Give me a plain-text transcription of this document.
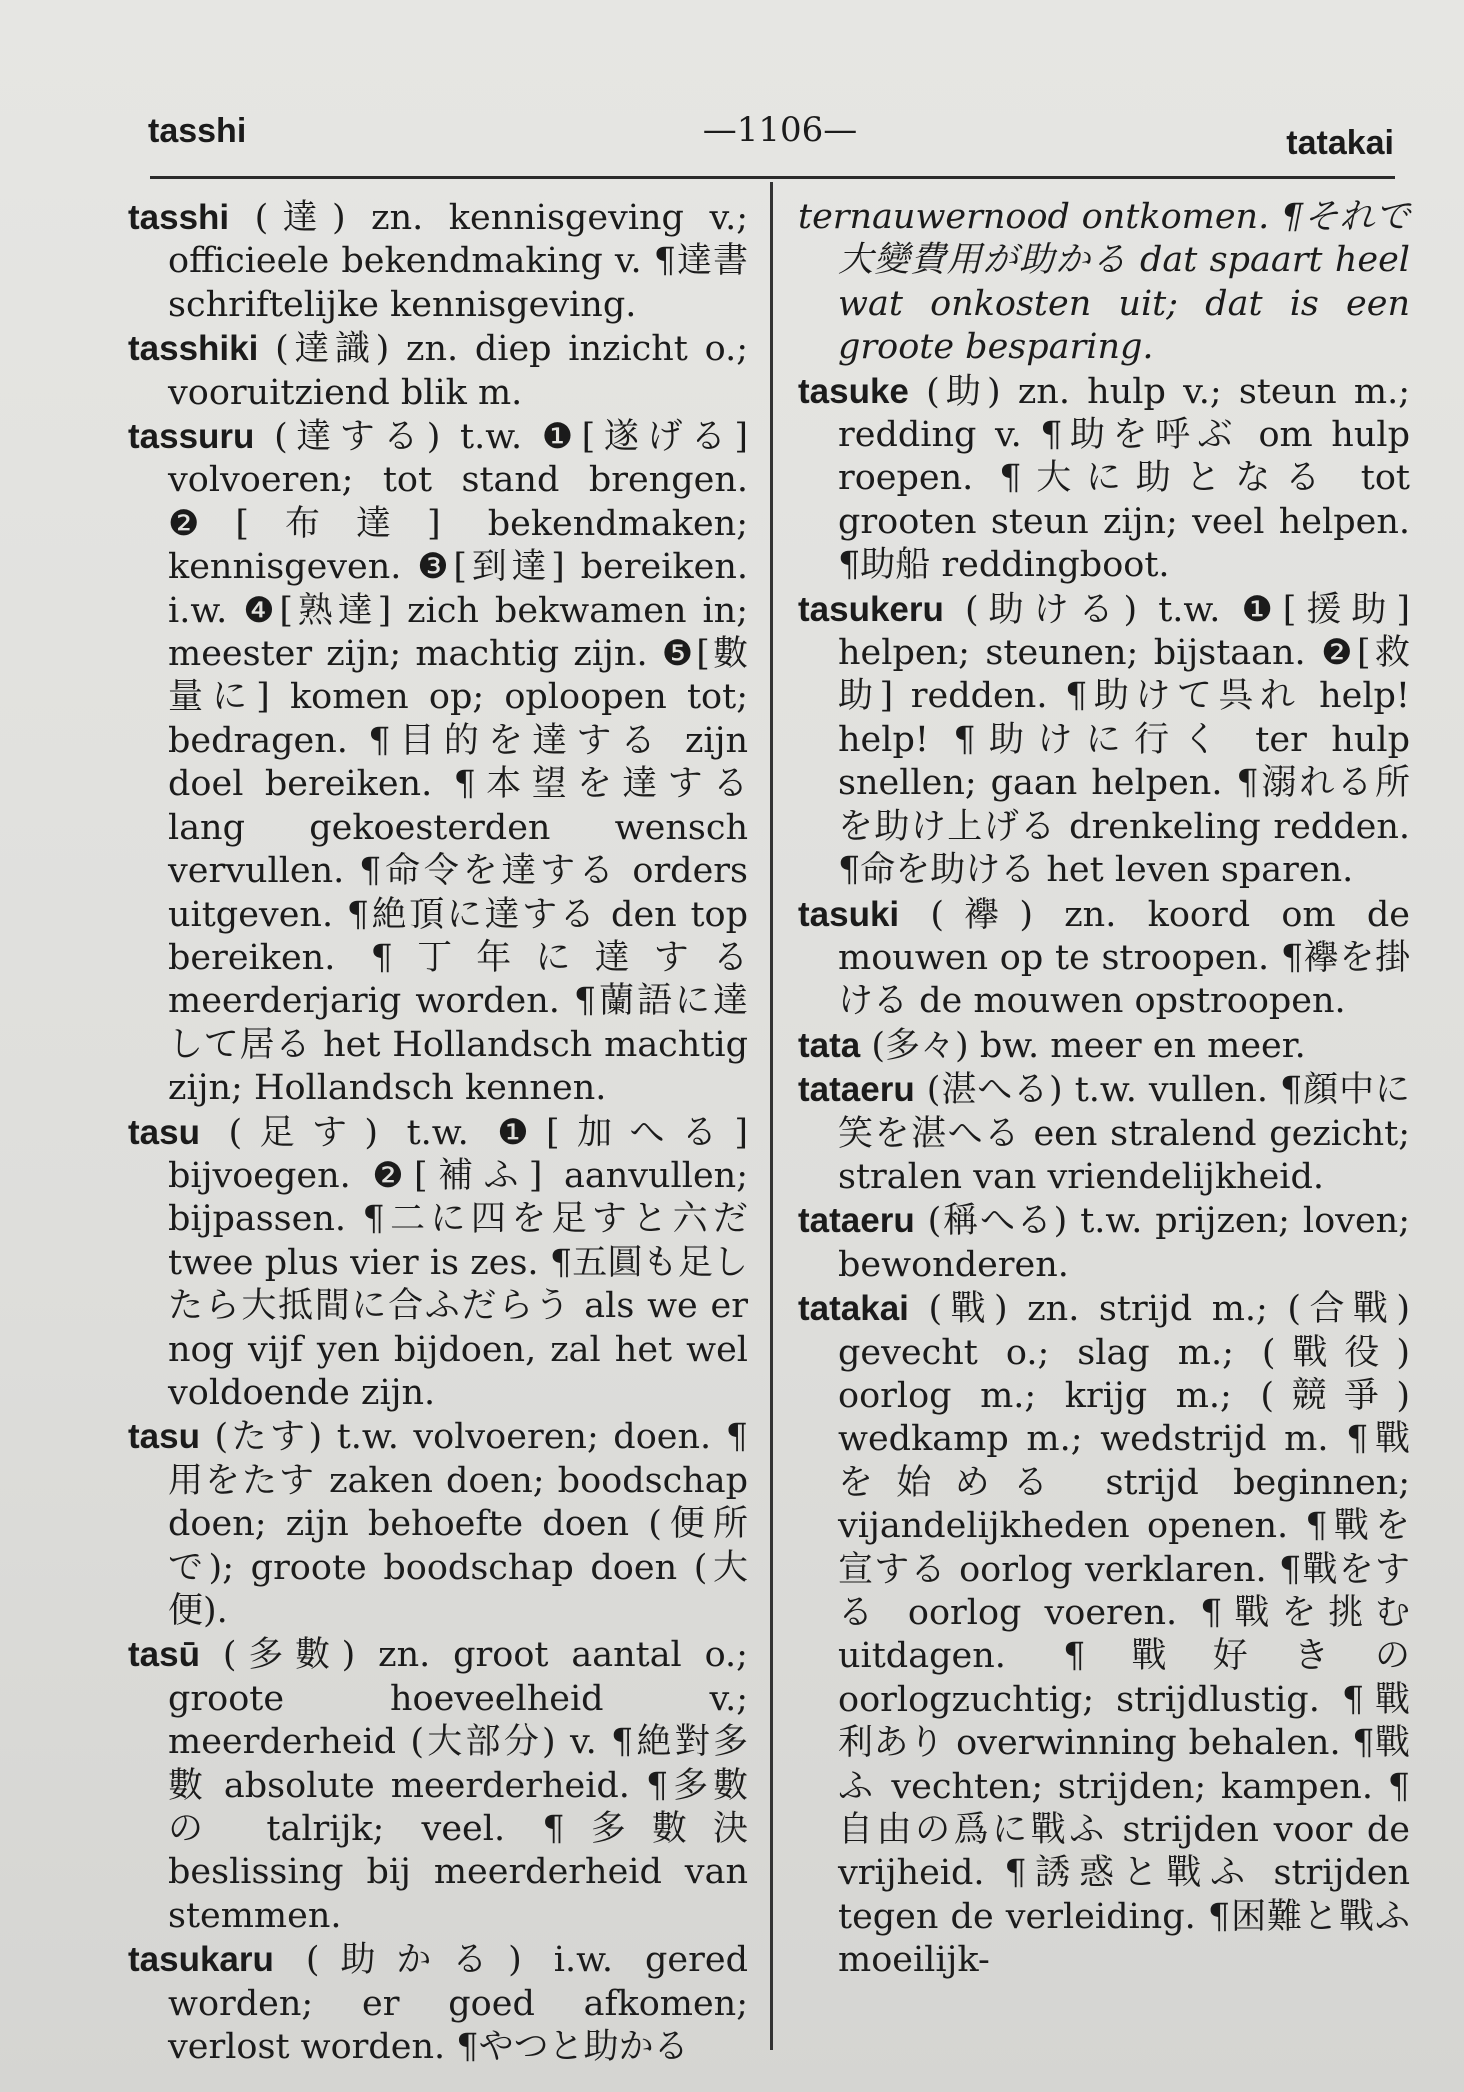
tasshi	—1106—	tatakai

tasshi (達) zn. kennisgeving v.; officieele bekendmaking v. ¶達書 schriftelijke kennisgeving.

tasshiki (達識) zn. diep inzicht o.; vooruitziend blik m.

tassuru (達する) t.w. ❶[遂げる] volvoeren; tot stand brengen. ❷[布達] bekendmaken; kennisgeven. ❸[到達] bereiken. i.w. ❹[熟達] zich bekwamen in; meester zijn; machtig zijn. ❺[數量に] komen op; oploopen tot; bedragen. ¶目的を達する zijn doel bereiken. ¶本望を達する lang gekoesterden wensch vervullen. ¶命令を達する orders uitgeven. ¶絶頂に達する den top bereiken. ¶丁年に達する meerderjarig worden. ¶蘭語に達して居る het Hollandsch machtig zijn; Hollandsch kennen.

tasu (足す) t.w. ❶[加へる] bijvoegen. ❷[補ふ] aanvullen; bijpassen. ¶二に四を足すと六だ twee plus vier is zes. ¶五圓も足したら大抵間に合ふだらう als we er nog vijf yen bijdoen, zal het wel voldoende zijn.

tasu (たす) t.w. volvoeren; doen. ¶用をたす zaken doen; boodschap doen; zijn behoefte doen (便所で); groote boodschap doen (大便).

tasū (多數) zn. groot aantal o.; groote hoeveelheid v.; meerderheid (大部分) v. ¶絶對多數 absolute meerderheid. ¶多數の talrijk; veel. ¶多數決 beslissing bij meerderheid van stemmen.

tasukaru (助かる) i.w. gered worden; er goed afkomen; verlost worden. ¶やつと助かる

ternauwernood ontkomen. ¶それで大變費用が助かる dat spaart heel wat onkosten uit; dat is een groote besparing.

tasuke (助) zn. hulp v.; steun m.; redding v. ¶助を呼ぶ om hulp roepen. ¶大に助となる tot grooten steun zijn; veel helpen. ¶助船 reddingboot.

tasukeru (助ける) t.w. ❶[援助] helpen; steunen; bijstaan. ❷[救助] redden. ¶助けて呉れ help! help! ¶助けに行く ter hulp snellen; gaan helpen. ¶溺れる所を助け上げる drenkeling redden. ¶命を助ける het leven sparen.

tasuki (襷) zn. koord om de mouwen op te stroopen. ¶襷を掛ける de mouwen opstroopen.

tata (多々) bw. meer en meer.

tataeru (湛へる) t.w. vullen. ¶顔中に笑を湛へる een stralend gezicht; stralen van vriendelijkheid.

tataeru (稱へる) t.w. prijzen; loven; bewonderen.

tatakai (戰) zn. strijd m.; (合戰) gevecht o.; slag m.; (戰役) oorlog m.; krijg m.; (競爭) wedkamp m.; wedstrijd m. ¶戰を始める strijd beginnen; vijandelijkheden openen. ¶戰を宣する oorlog verklaren. ¶戰をする oorlog voeren. ¶戰を挑む uitdagen. ¶戰好きの oorlogzuchtig; strijdlustig. ¶戰利あり overwinning behalen. ¶戰ふ vechten; strijden; kampen. ¶自由の爲に戰ふ strijden voor de vrijheid. ¶誘惑と戰ふ strijden tegen de verleiding. ¶困難と戰ふ moeilijk-
